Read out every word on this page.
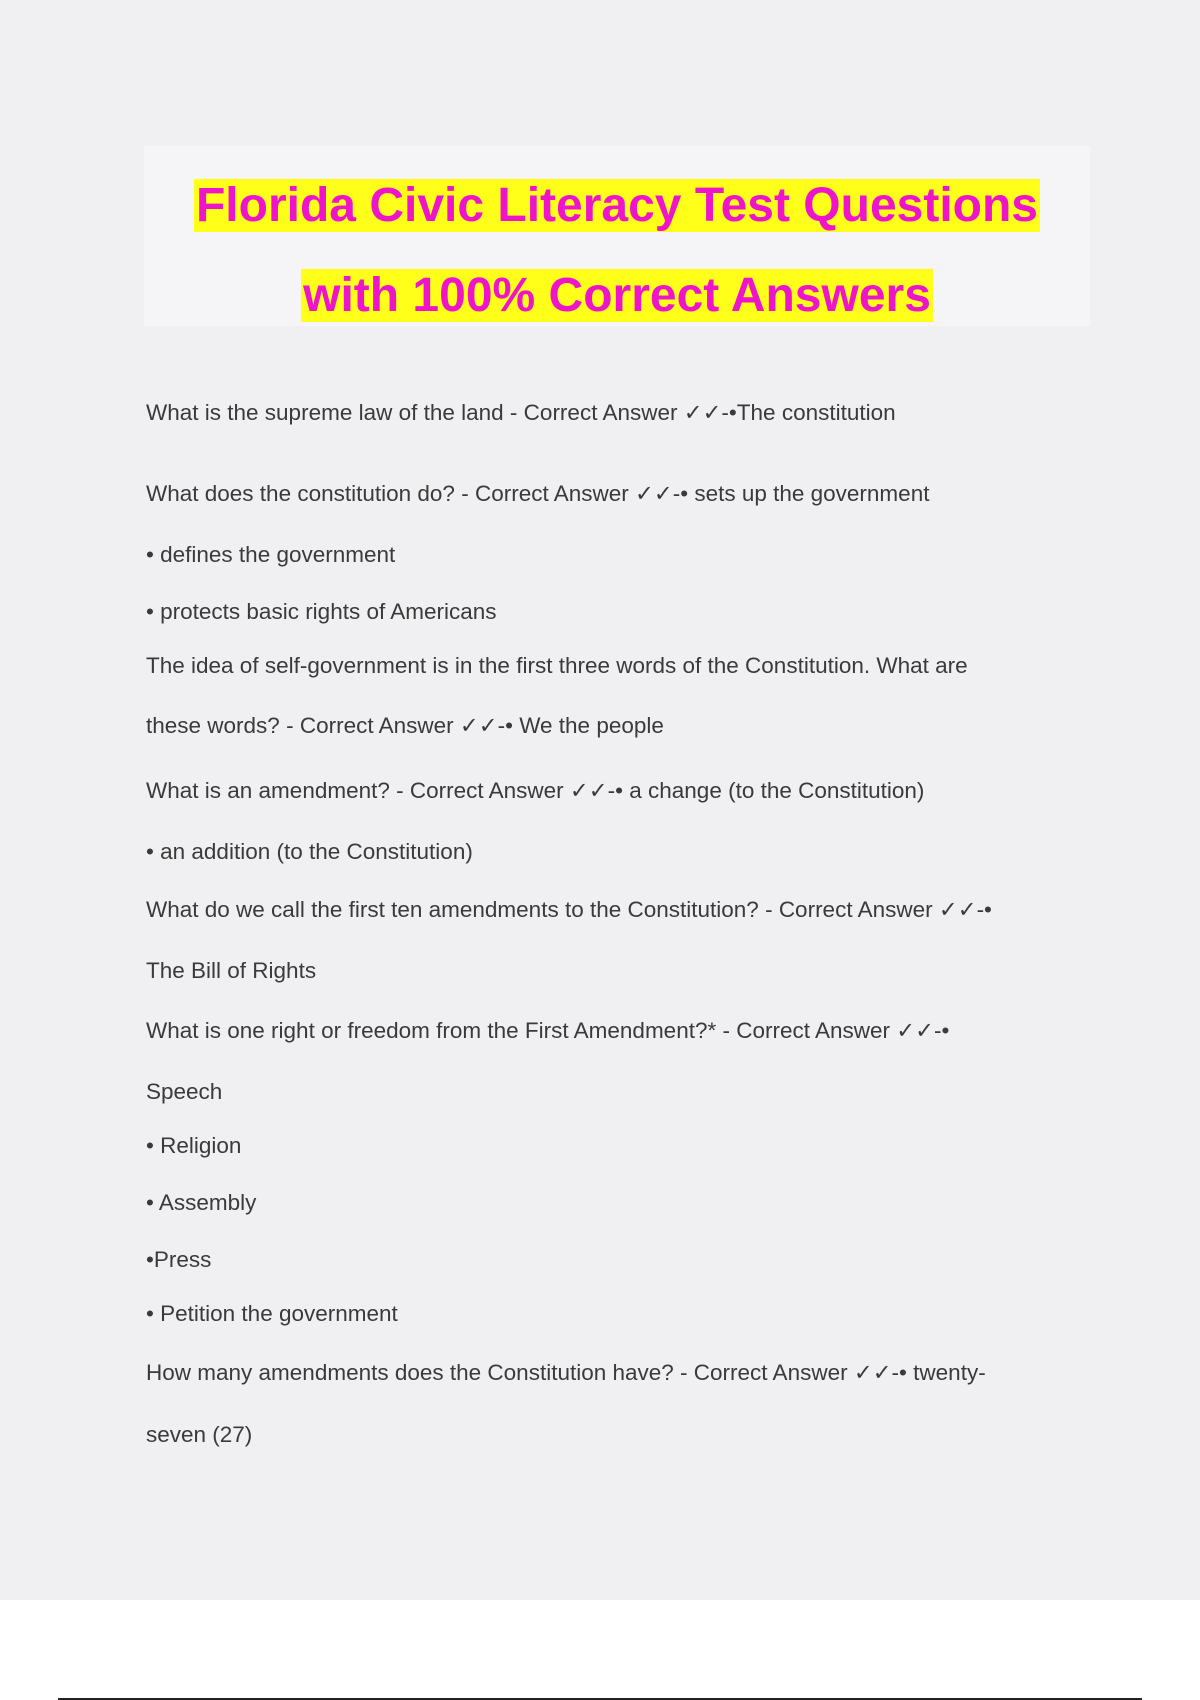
Florida Civic Literacy Test Questions
with 100% Correct Answers
What is the supreme law of the land - Correct Answer ✓✓-•The constitution
What does the constitution do? - Correct Answer ✓✓-• sets up the government
• defines the government
• protects basic rights of Americans
The idea of self-government is in the first three words of the Constitution. What are
these words? - Correct Answer ✓✓-• We the people
What is an amendment? - Correct Answer ✓✓-• a change (to the Constitution)
• an addition (to the Constitution)
What do we call the first ten amendments to the Constitution? - Correct Answer ✓✓-•
The Bill of Rights
What is one right or freedom from the First Amendment?* - Correct Answer ✓✓-•
Speech
• Religion
• Assembly
•Press
• Petition the government
How many amendments does the Constitution have? - Correct Answer ✓✓-• twenty-
seven (27)
